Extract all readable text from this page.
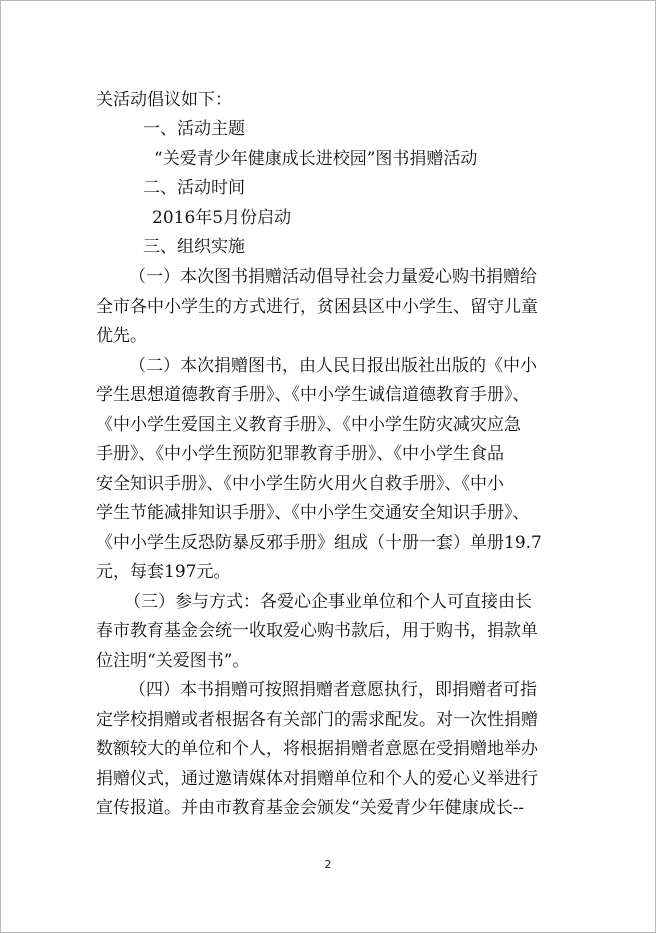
关活动倡议如下：
一、活动主题
“关爱青少年健康成长进校园”图书捐赠活动
二、活动时间
2016年5月份启动
三、组织实施
（一）本次图书捐赠活动倡导社会力量爱心购书捐赠给
全市各中小学生的方式进行，贫困县区中小学生、留守儿童
优先。
（二）本次捐赠图书，由人民日报出版社出版的《中小
学生思想道德教育手册》、《中小学生诚信道德教育手册》、
《中小学生爱国主义教育手册》、《中小学生防灾减灾应急
手册》、《中小学生预防犯罪教育手册》、《中小学生食品
安全知识手册》、《中小学生防火用火自救手册》、《中小
学生节能减排知识手册》、《中小学生交通安全知识手册》、
《中小学生反恐防暴反邪手册》组成（十册一套）单册19.7
元，每套197元。
（三）参与方式：各爱心企事业单位和个人可直接由长
春市教育基金会统一收取爱心购书款后，用于购书，捐款单
位注明“关爱图书”。
（四）本书捐赠可按照捐赠者意愿执行，即捐赠者可指
定学校捐赠或者根据各有关部门的需求配发。对一次性捐赠
数额较大的单位和个人，将根据捐赠者意愿在受捐赠地举办
捐赠仪式，通过邀请媒体对捐赠单位和个人的爱心义举进行
宣传报道。并由市教育基金会颁发“关爱青少年健康成长--
2
